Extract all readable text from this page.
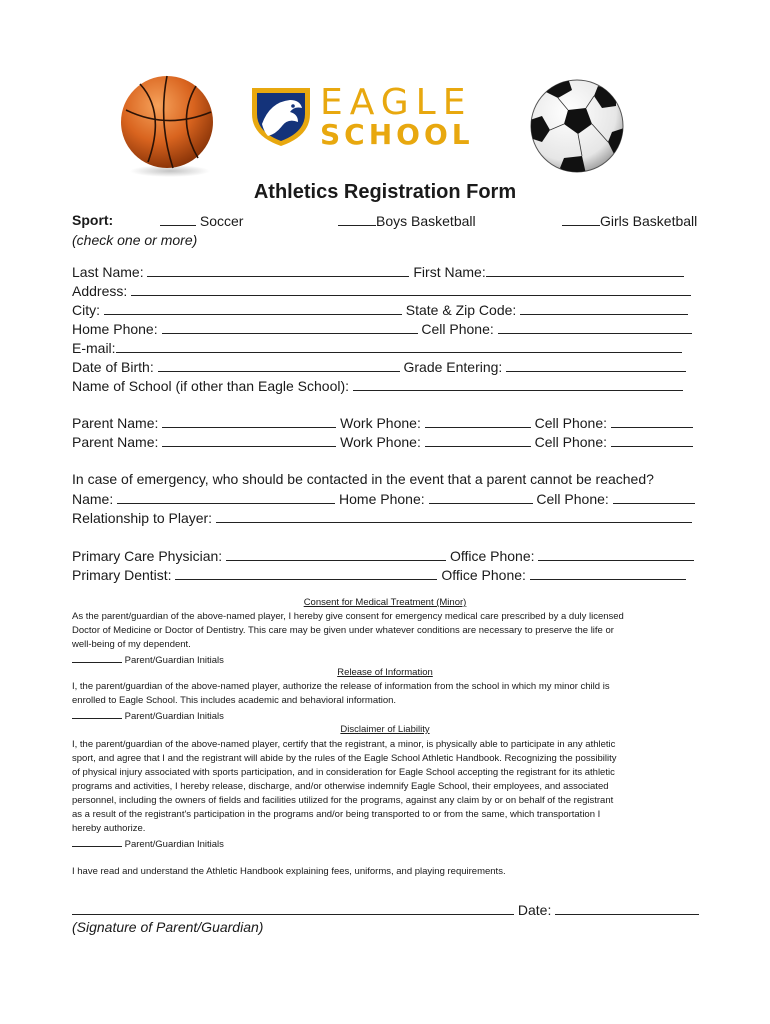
EAGLE
SCHOOL
Athletics Registration Form
Sport:	Soccer	Boys Basketball	Girls Basketball
(check one or more)
Last Name:	First Name:
Address:
City:	State & Zip Code:
Home Phone:	Cell Phone:
E-mail:
Date of Birth:	Grade Entering:
Name of School (if other than Eagle School):
Parent Name:	Work Phone:	Cell Phone:
Parent Name:	Work Phone:	Cell Phone:
In case of emergency, who should be contacted in the event that a parent cannot be reached?
Name:	Home Phone:	Cell Phone:
Relationship to Player:
Primary Care Physician:	Office Phone:
Primary Dentist:	Office Phone:
Consent for Medical Treatment (Minor)
As the parent/guardian of the above-named player, I hereby give consent for emergency medical care prescribed by a duly licensed
Doctor of Medicine or Doctor of Dentistry. This care may be given under whatever conditions are necessary to preserve the life or
well-being of my dependent.
Parent/Guardian Initials
Release of Information
I, the parent/guardian of the above-named player, authorize the release of information from the school in which my minor child is
enrolled to Eagle School. This includes academic and behavioral information.
Parent/Guardian Initials
Disclaimer of Liability
I, the parent/guardian of the above-named player, certify that the registrant, a minor, is physically able to participate in any athletic
sport, and agree that I and the registrant will abide by the rules of the Eagle School Athletic Handbook. Recognizing the possibility
of physical injury associated with sports participation, and in consideration for Eagle School accepting the registrant for its athletic
programs and activities, I hereby release, discharge, and/or otherwise indemnify Eagle School, their employees, and associated
personnel, including the owners of fields and facilities utilized for the programs, against any claim by or on behalf of the registrant
as a result of the registrant's participation in the programs and/or being transported to or from the same, which transportation I
hereby authorize.
Parent/Guardian Initials
I have read and understand the Athletic Handbook explaining fees, uniforms, and playing requirements.
Date:
(Signature of Parent/Guardian)
